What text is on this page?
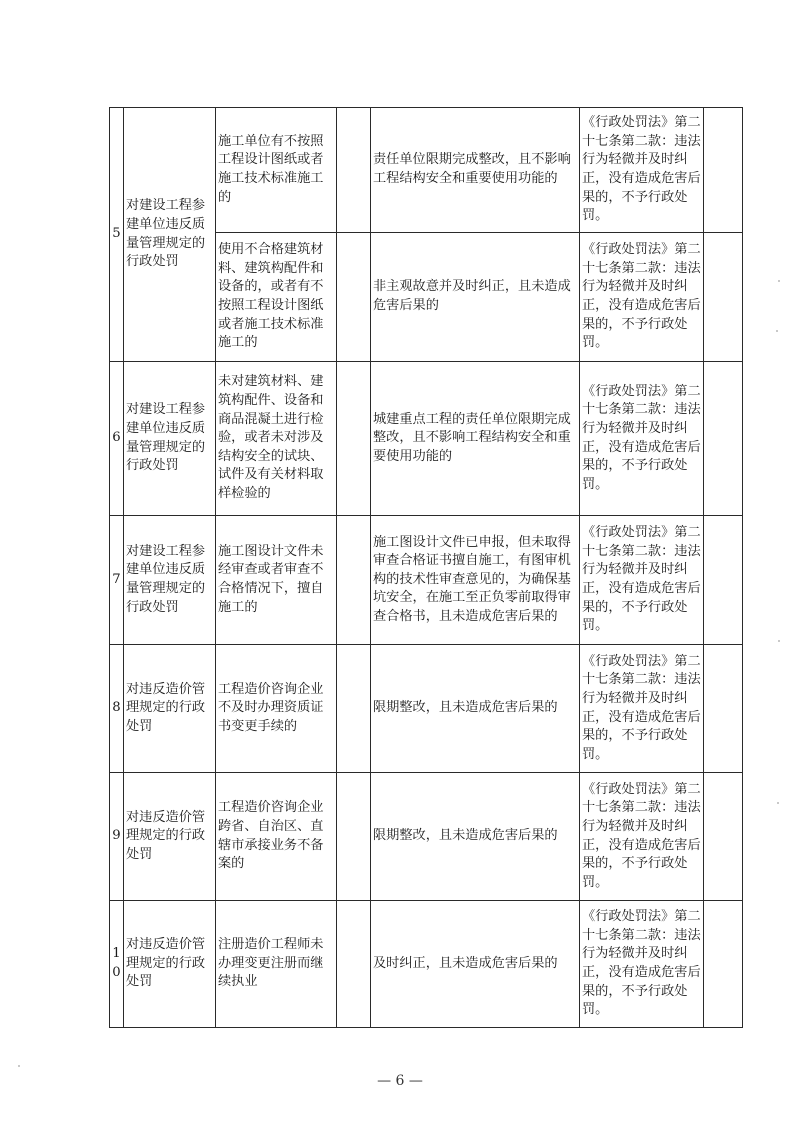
5	对建设工程参建单位违反质量管理规定的行政处罚	施工单位有不按照工程设计图纸或者施工技术标准施工的		责任单位限期完成整改，且不影响工程结构安全和重要使用功能的	《行政处罚法》第二十七条第二款：违法行为轻微并及时纠正，没有造成危害后果的，不予行政处罚。	
		使用不合格建筑材料、建筑构配件和设备的，或者有不按照工程设计图纸或者施工技术标准施工的		非主观故意并及时纠正，且未造成危害后果的	《行政处罚法》第二十七条第二款：违法行为轻微并及时纠正，没有造成危害后果的，不予行政处罚。	
6	对建设工程参建单位违反质量管理规定的行政处罚	未对建筑材料、建筑构配件、设备和商品混凝土进行检验，或者未对涉及结构安全的试块、试件及有关材料取样检验的		城建重点工程的责任单位限期完成整改，且不影响工程结构安全和重要使用功能的	《行政处罚法》第二十七条第二款：违法行为轻微并及时纠正，没有造成危害后果的，不予行政处罚。	
7	对建设工程参建单位违反质量管理规定的行政处罚	施工图设计文件未经审查或者审查不合格情况下，擅自施工的		施工图设计文件已申报，但未取得审查合格证书擅自施工，有图审机构的技术性审查意见的，为确保基坑安全，在施工至正负零前取得审查合格书，且未造成危害后果的	《行政处罚法》第二十七条第二款：违法行为轻微并及时纠正，没有造成危害后果的，不予行政处罚。	
8	对违反造价管理规定的行政处罚	工程造价咨询企业不及时办理资质证书变更手续的		限期整改，且未造成危害后果的	《行政处罚法》第二十七条第二款：违法行为轻微并及时纠正，没有造成危害后果的，不予行政处罚。	
9	对违反造价管理规定的行政处罚	工程造价咨询企业跨省、自治区、直辖市承接业务不备案的		限期整改，且未造成危害后果的	《行政处罚法》第二十七条第二款：违法行为轻微并及时纠正，没有造成危害后果的，不予行政处罚。	
10	对违反造价管理规定的行政处罚	注册造价工程师未办理变更注册而继续执业		及时纠正，且未造成危害后果的	《行政处罚法》第二十七条第二款：违法行为轻微并及时纠正，没有造成危害后果的，不予行政处罚。	
— 6 —
